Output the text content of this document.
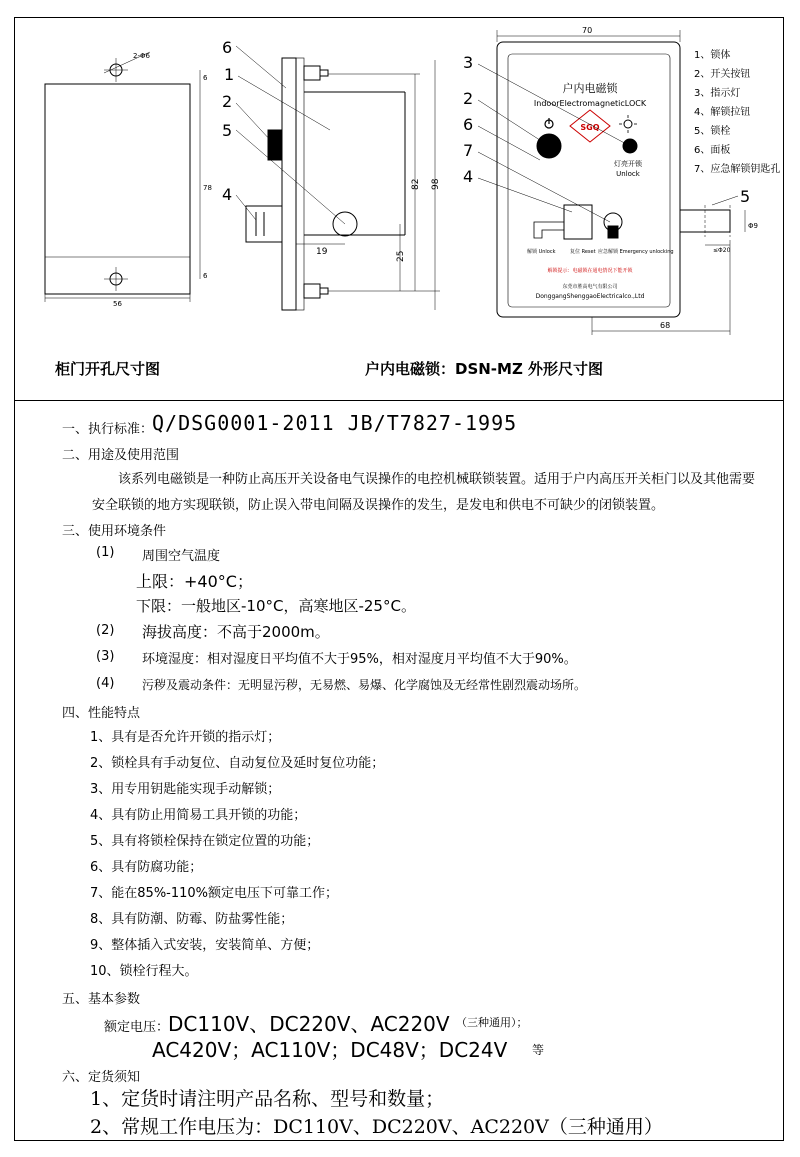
2-Φ6
56
78
6
6
82 98
19	25
6
1
2
5
4
70
户内电磁锁
IndoorElectromagneticLOCK
SGQ
灯亮开锁
Unlock
解锁 Unlock	复位 Reset 应急解锁 Emergency unlocking
解锁提示：电磁锁在通电情况下能开锁
东莞市胜高电气有限公司
DonggangShenggaoElectricalco.,Ltd
Φ9
≤Φ20
68
3
2
6
7
4
5
1、锁体
2、开关按钮
3、指示灯
4、解锁拉钮
5、锁栓
6、面板
7、应急解锁钥匙孔
柜门开孔尺寸图	户内电磁锁：DSN-MZ 外形尺寸图
一、执行标准：
Q/DSG0001-2011 JB/T7827-1995
二、用途及使用范围
该系列电磁锁是一种防止高压开关设备电气误操作的电控机械联锁装置。适用于户内高压开关柜门以及其他需要
安全联锁的地方实现联锁，防止误入带电间隔及误操作的发生，是发电和供电不可缺少的闭锁装置。
三、使用环境条件
(1) 周围空气温度
上限：+40°C；
下限：一般地区-10°C，高寒地区-25°C。
(2) 海拔高度：不高于2000m。
(3) 环境湿度：相对湿度日平均值不大于95%，相对湿度月平均值不大于90%。
(4) 污秽及震动条件：无明显污秽，无易燃、易爆、化学腐蚀及无经常性剧烈震动场所。
四、性能特点
1、具有是否允许开锁的指示灯；
2、锁栓具有手动复位、自动复位及延时复位功能；
3、用专用钥匙能实现手动解锁；
4、具有防止用简易工具开锁的功能；
5、具有将锁栓保持在锁定位置的功能；
6、具有防腐功能；
7、能在85%-110%额定电压下可靠工作；
8、具有防潮、防霉、防盐雾性能；
9、整体插入式安装，安装简单、方便；
10、锁栓行程大。
五、基本参数
额定电压：
DC110V、DC220V、AC220V （三种通用）；
AC420V；AC110V；DC48V；DC24V 等
六、定货须知
1、定货时请注明产品名称、型号和数量；
2、常规工作电压为：DC110V、DC220V、AC220V（三种通用）
